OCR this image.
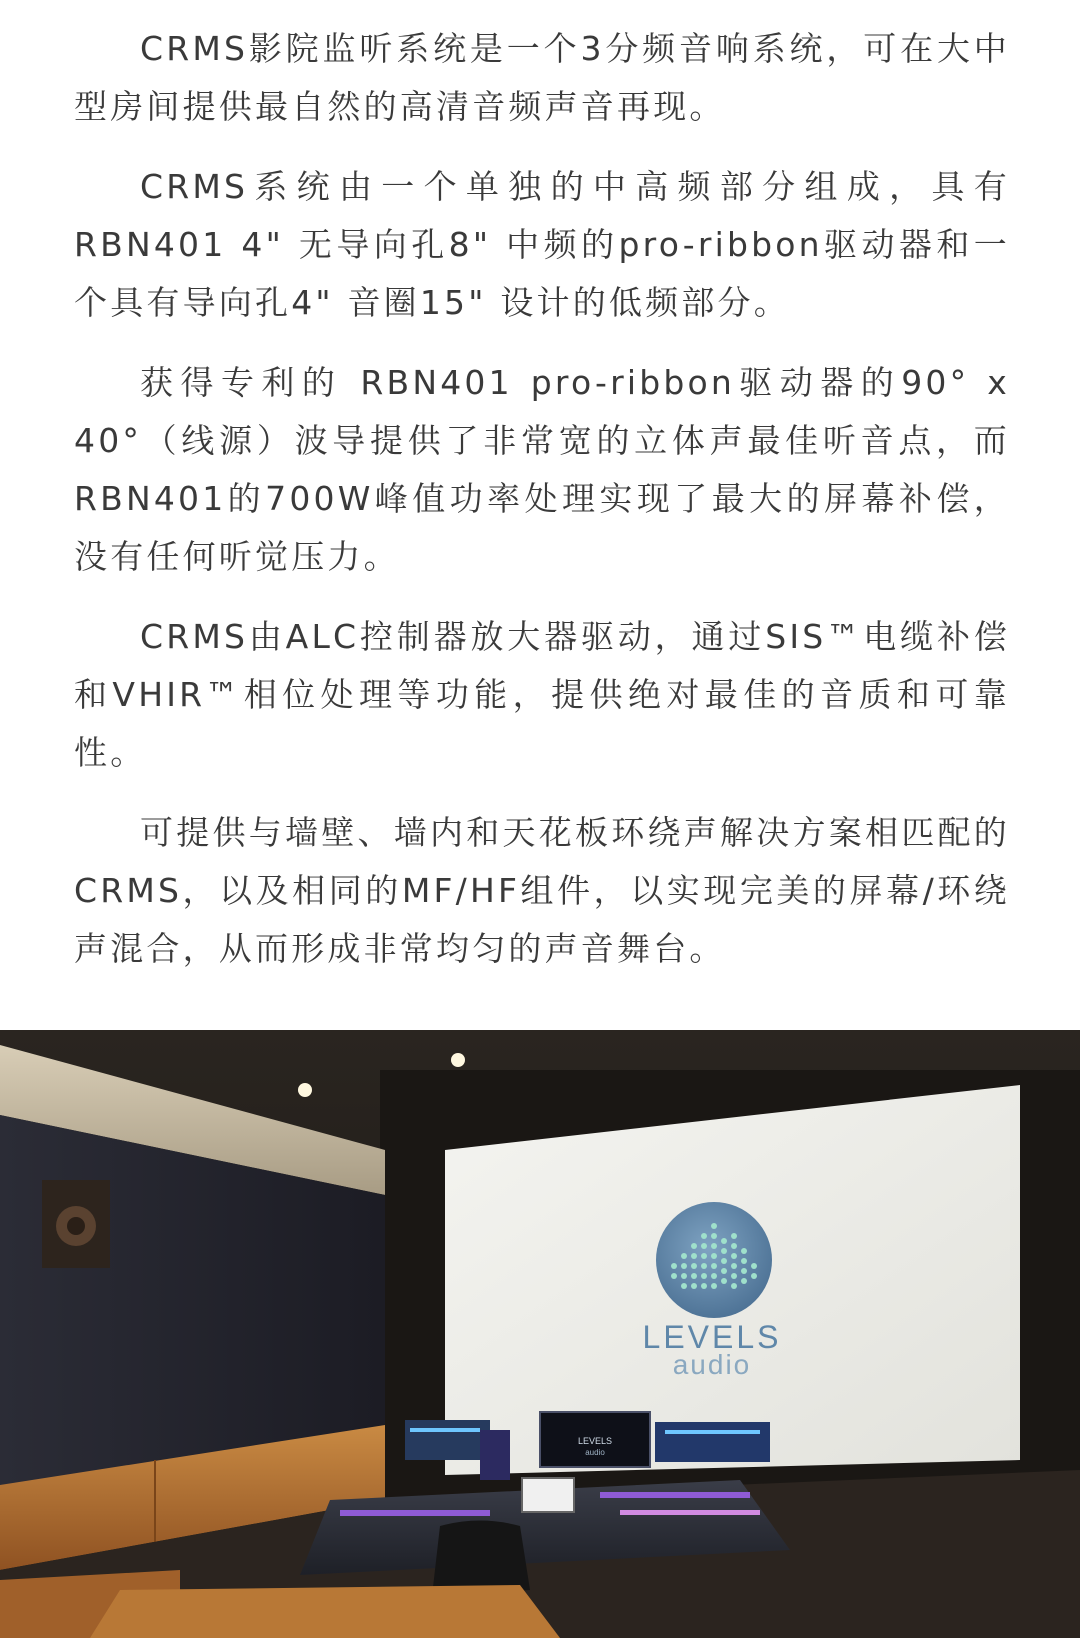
CRMS影院监听系统是一个3分频音响系统，可在大中型房间提供最自然的高清音频声音再现。

CRMS系统由一个单独的中高频部分组成，具有RBN401 4" 无导向孔8" 中频的pro-ribbon驱动器和一个具有导向孔4" 音圈15" 设计的低频部分。

获得专利的 RBN401 pro-ribbon驱动器的90° x 40°（线源）波导提供了非常宽的立体声最佳听音点，而RBN401的700W峰值功率处理实现了最大的屏幕补偿，没有任何听觉压力。

CRMS由ALC控制器放大器驱动，通过SIS™电缆补偿和VHIR™相位处理等功能，提供绝对最佳的音质和可靠性。

可提供与墙壁、墙内和天花板环绕声解决方案相匹配的CRMS，以及相同的MF/HF组件，以实现完美的屏幕/环绕声混合，从而形成非常均匀的声音舞台。

LEVELS
audio
LEVELS
audio
